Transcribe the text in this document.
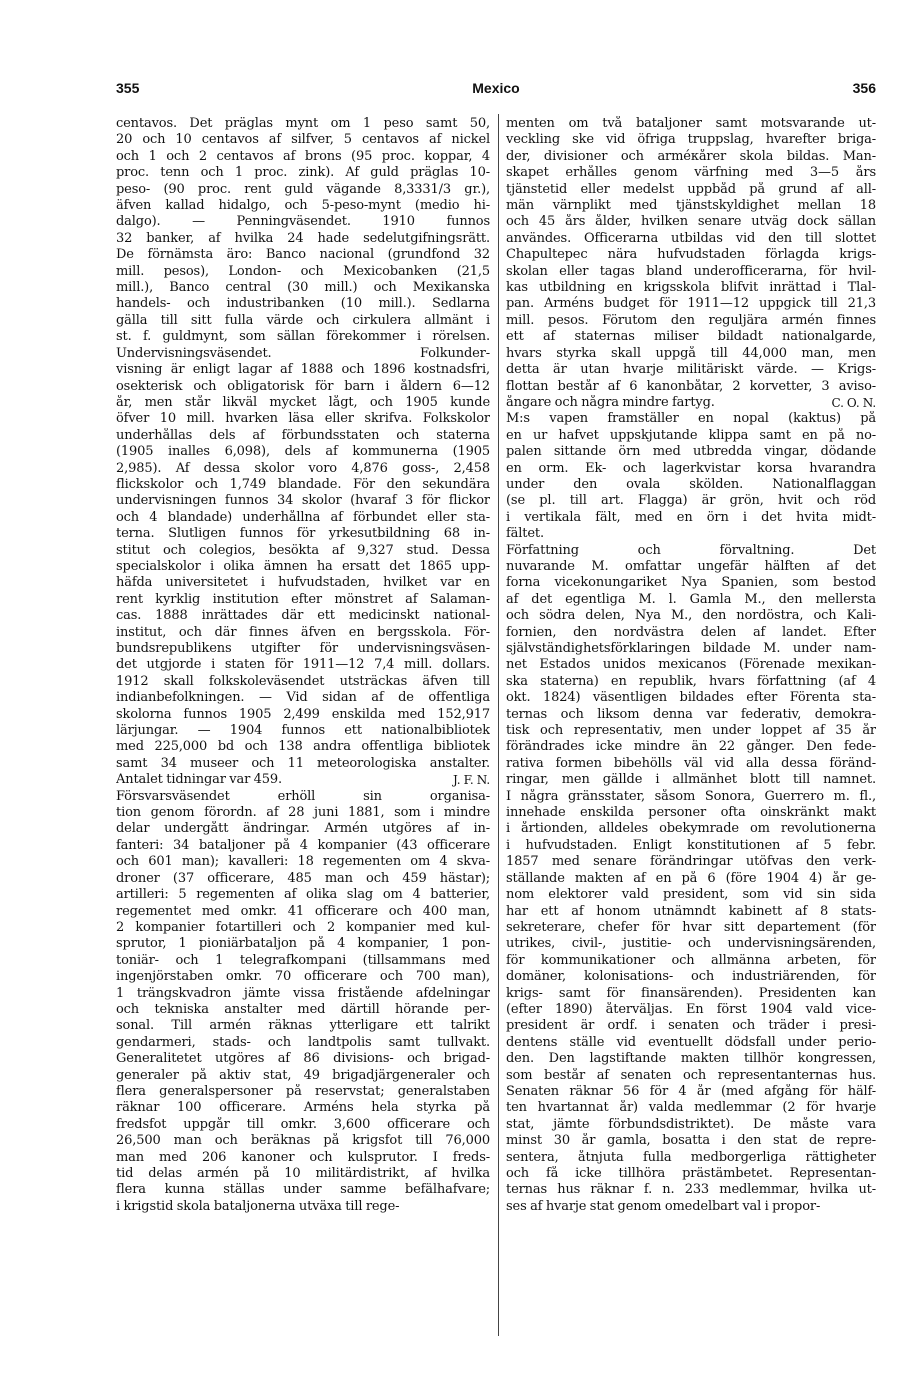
355	Mexico	356
centavos. Det präglas mynt om 1 peso samt 50,
20 och 10 centavos af silfver, 5 centavos af nickel
och 1 och 2 centavos af brons (95 proc. koppar, 4
proc. tenn och 1 proc. zink). Af guld präglas 10-
peso- (90 proc. rent guld vägande 8,3331/3 gr.),
äfven kallad hidalgo, och 5-peso-mynt (medio hi-
dalgo). — Penningväsendet. 1910 funnos
32 banker, af hvilka 24 hade sedelutgifningsrätt.
De förnämsta äro: Banco nacional (grundfond 32
mill. pesos), London- och Mexicobanken (21,5
mill.), Banco central (30 mill.) och Mexikanska
handels- och industribanken (10 mill.). Sedlarna
gälla till sitt fulla värde och cirkulera allmänt i
st. f. guldmynt, som sällan förekommer i rörelsen.
Undervisningsväsendet. Folkunder-
visning är enligt lagar af 1888 och 1896 kostnadsfri,
osekterisk och obligatorisk för barn i åldern 6—12
år, men står likväl mycket lågt, och 1905 kunde
öfver 10 mill. hvarken läsa eller skrifva. Folkskolor
underhållas dels af förbundsstaten och staterna
(1905 inalles 6,098), dels af kommunerna (1905
2,985). Af dessa skolor voro 4,876 goss-, 2,458
flickskolor och 1,749 blandade. För den sekundära
undervisningen funnos 34 skolor (hvaraf 3 för flickor
och 4 blandade) underhållna af förbundet eller sta-
terna. Slutligen funnos för yrkesutbildning 68 in-
stitut och colegios, besökta af 9,327 stud. Dessa
specialskolor i olika ämnen ha ersatt det 1865 upp-
häfda universitetet i hufvudstaden, hvilket var en
rent kyrklig institution efter mönstret af Salaman-
cas. 1888 inrättades där ett medicinskt national-
institut, och där finnes äfven en bergsskola. För-
bundsrepublikens utgifter för undervisningsväsen-
det utgjorde i staten för 1911—12 7,4 mill. dollars.
1912 skall folkskoleväsendet utsträckas äfven till
indianbefolkningen. — Vid sidan af de offentliga
skolorna funnos 1905 2,499 enskilda med 152,917
lärjungar. — 1904 funnos ett nationalbibliotek
med 225,000 bd och 138 andra offentliga bibliotek
samt 34 museer och 11 meteorologiska anstalter.
Antalet tidningar var 459.	J. F. N.
Försvarsväsendet erhöll sin organisa-
tion genom förordn. af 28 juni 1881, som i mindre
delar undergått ändringar. Armén utgöres af in-
fanteri: 34 bataljoner på 4 kompanier (43 officerare
och 601 man); kavalleri: 18 regementen om 4 skva-
droner (37 officerare, 485 man och 459 hästar);
artilleri: 5 regementen af olika slag om 4 batterier,
regementet med omkr. 41 officerare och 400 man,
2 kompanier fotartilleri och 2 kompanier med kul-
sprutor, 1 pioniärbataljon på 4 kompanier, 1 pon-
toniär- och 1 telegrafkompani (tillsammans med
ingenjörstaben omkr. 70 officerare och 700 man),
1 trängskvadron jämte vissa fristående afdelningar
och tekniska anstalter med därtill hörande per-
sonal. Till armén räknas ytterligare ett talrikt
gendarmeri, stads- och landtpolis samt tullvakt.
Generalitetet utgöres af 86 divisions- och brigad-
generaler på aktiv stat, 49 brigadjärgeneraler och
flera generalspersoner på reservstat; generalstaben
räknar 100 officerare. Arméns hela styrka på
fredsfot uppgår till omkr. 3,600 officerare och
26,500 man och beräknas på krigsfot till 76,000
man med 206 kanoner och kulsprutor. I freds-
tid delas armén på 10 militärdistrikt, af hvilka
flera kunna ställas under samme befälhafvare;
i krigstid skola bataljonerna utväxa till rege-
menten om två bataljoner samt motsvarande ut-
veckling ske vid öfriga truppslag, hvarefter briga-
der, divisioner och arméкårer skola bildas. Man-
skapet erhålles genom värfning med 3—5 års
tjänstetid eller medelst uppbåd på grund af all-
män värnplikt med tjänstskyldighet mellan 18
och 45 års ålder, hvilken senare utväg dock sällan
användes. Officerarna utbildas vid den till slottet
Chapultepec nära hufvudstaden förlagda krigs-
skolan eller tagas bland underofficerarna, för hvil-
kas utbildning en krigsskola blifvit inrättad i Tlal-
pan. Arméns budget för 1911—12 uppgick till 21,3
mill. pesos. Förutom den reguljära armén finnes
ett af staternas miliser bildadt nationalgarde,
hvars styrka skall uppgå till 44,000 man, men
detta är utan hvarje militäriskt värde. — Krigs-
flottan består af 6 kanonbåtar, 2 korvetter, 3 aviso-
ångare och några mindre fartyg.	C. O. N.
M:s vapen framställer en nopal (kaktus) på
en ur hafvet uppskjutande klippa samt en på no-
palen sittande örn med utbredda vingar, dödande
en orm. Ek- och lagerkvistar korsa hvarandra
under den ovala skölden. Nationalflaggan
(se pl. till art. Flagga) är grön, hvit och röd
i vertikala fält, med en örn i det hvita midt-
fältet.
Författning och förvaltning. Det
nuvarande M. omfattar ungefär hälften af det
forna vicekonungariket Nya Spanien, som bestod
af det egentliga M. l. Gamla M., den mellersta
och södra delen, Nya M., den nordöstra, och Kali-
fornien, den nordvästra delen af landet. Efter
självständighetsförklaringen bildade M. under nam-
net Estados unidos mexicanos (Förenade mexikan-
ska staterna) en republik, hvars författning (af 4
okt. 1824) väsentligen bildades efter Förenta sta-
ternas och liksom denna var federativ, demokra-
tisk och representativ, men under loppet af 35 år
förändrades icke mindre än 22 gånger. Den fede-
rativa formen bibehölls väl vid alla dessa föränd-
ringar, men gällde i allmänhet blott till namnet.
I några gränsstater, såsom Sonora, Guerrero m. fl.,
innehade enskilda personer ofta oinskränkt makt
i årtionden, alldeles obekymrade om revolutionerna
i hufvudstaden. Enligt konstitutionen af 5 febr.
1857 med senare förändringar utöfvas den verk-
ställande makten af en på 6 (före 1904 4) år ge-
nom elektorer vald president, som vid sin sida
har ett af honom utnämndt kabinett af 8 stats-
sekreterare, chefer för hvar sitt departement (för
utrikes, civil-, justitie- och undervisningsärenden,
för kommunikationer och allmänna arbeten, för
domäner, kolonisations- och industriärenden, för
krigs- samt för finansärenden). Presidenten kan
(efter 1890) återväljas. En först 1904 vald vice-
president är ordf. i senaten och träder i presi-
dentens ställe vid eventuellt dödsfall under perio-
den. Den lagstiftande makten tillhör kongressen,
som består af senaten och representanternas hus.
Senaten räknar 56 för 4 år (med afgång för hälf-
ten hvartannat år) valda medlemmar (2 för hvarje
stat, jämte förbundsdistriktet). De måste vara
minst 30 år gamla, bosatta i den stat de repre-
sentera, åtnjuta fulla medborgerliga rättigheter
och få icke tillhöra prästämbetet. Representan-
ternas hus räknar f. n. 233 medlemmar, hvilka ut-
ses af hvarje stat genom omedelbart val i propor-
